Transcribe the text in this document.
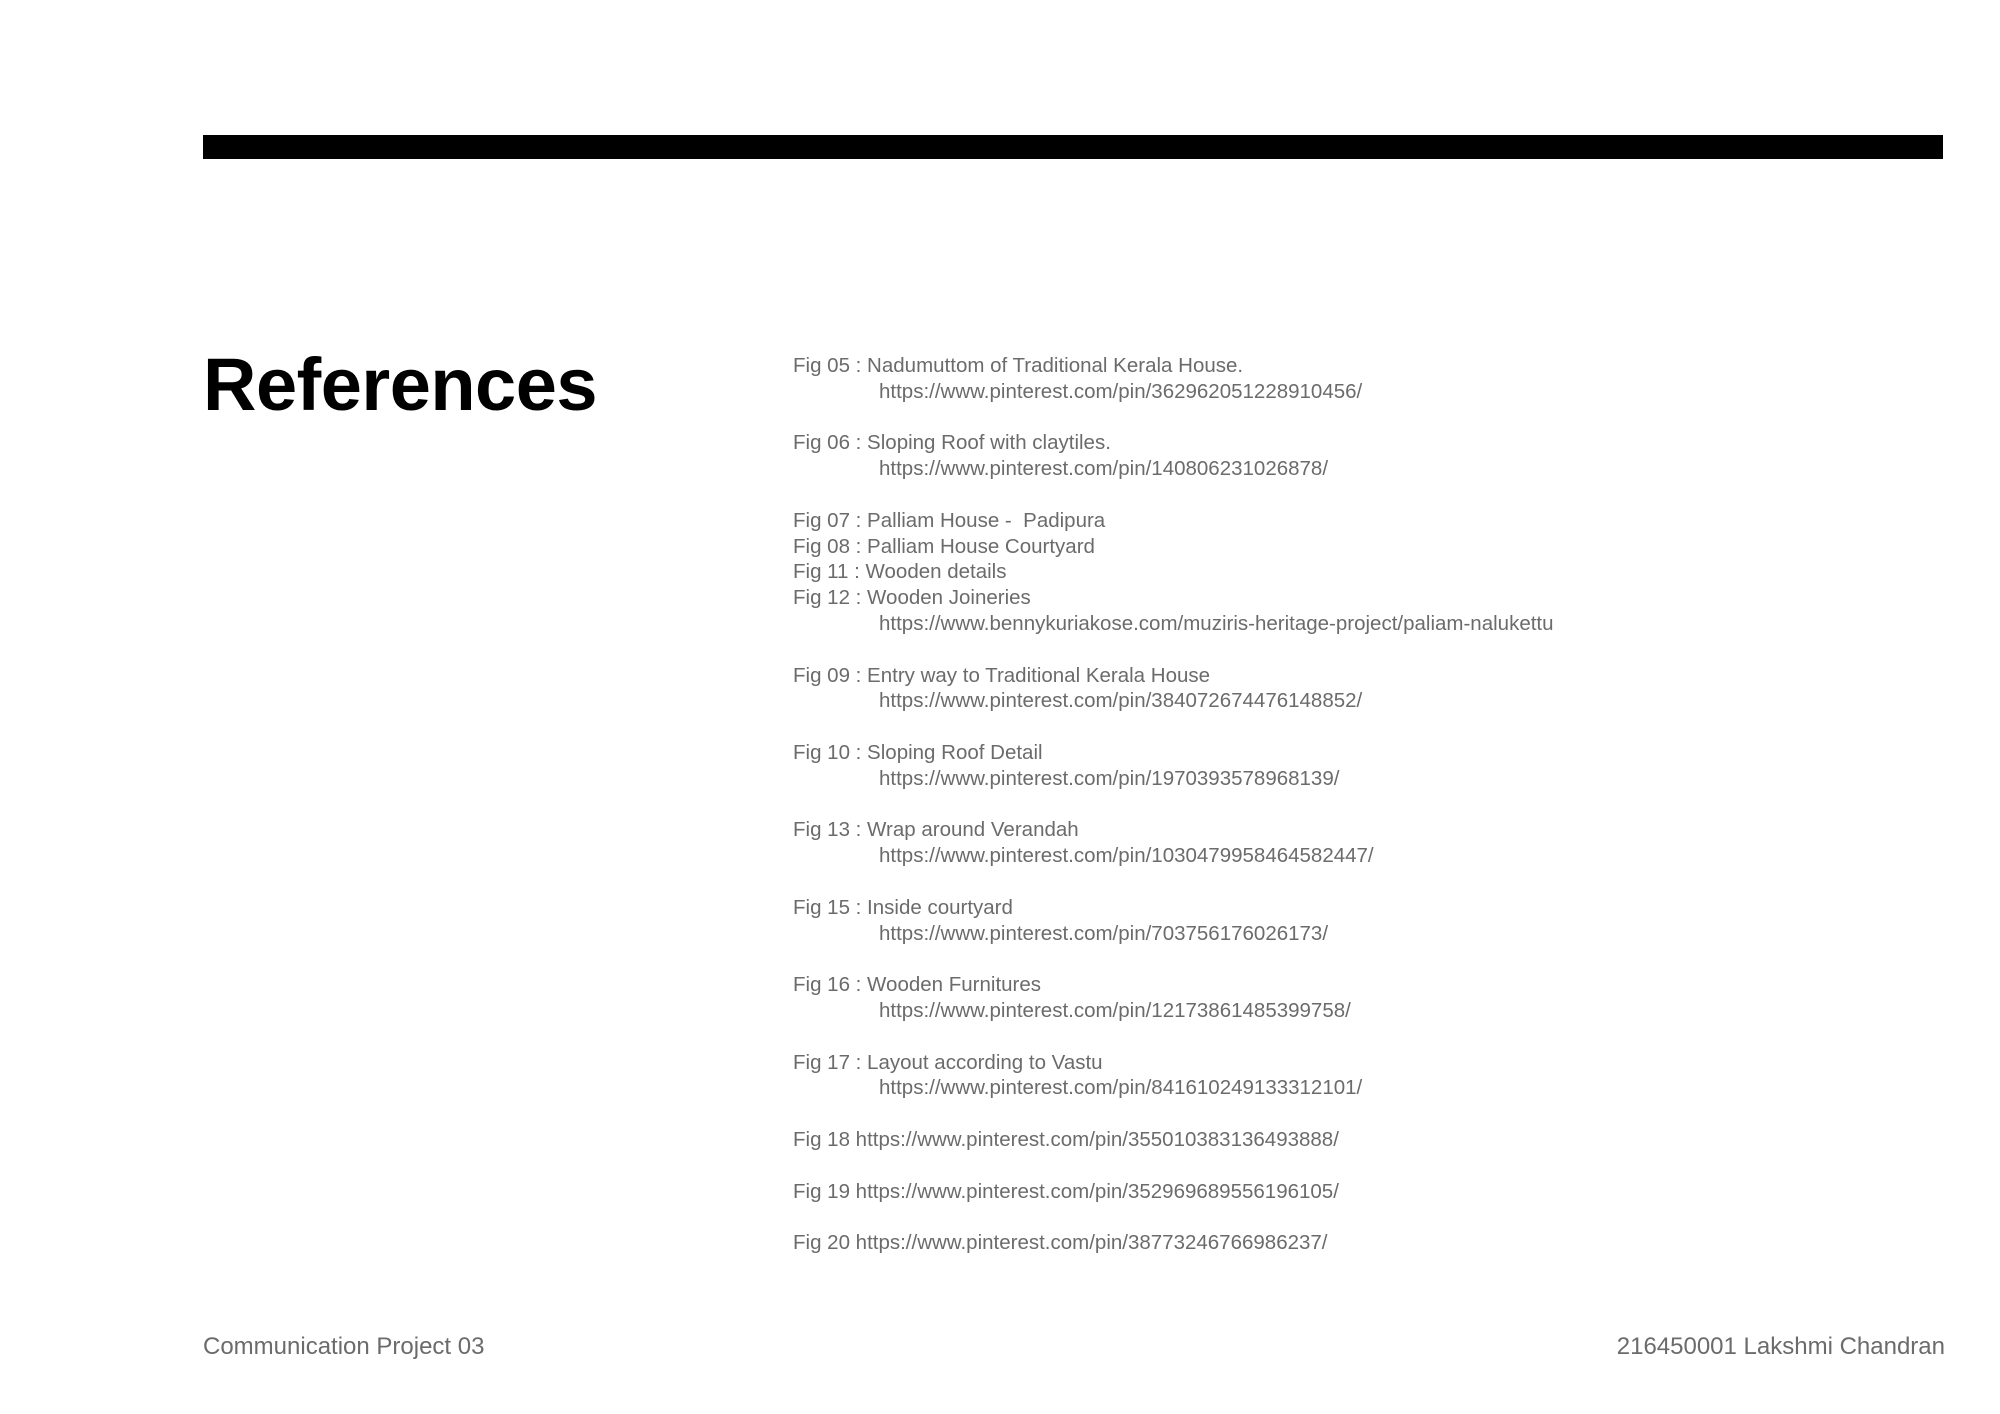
References	Fig 05 : Nadumuttom of Traditional Kerala House.
https://www.pinterest.com/pin/362962051228910456/
Fig 06 : Sloping Roof with claytiles.
https://www.pinterest.com/pin/140806231026878/
Fig 07 : Palliam House -  Padipura
Fig 08 : Palliam House Courtyard
Fig 11 : Wooden details
Fig 12 : Wooden Joineries
https://www.bennykuriakose.com/muziris-heritage-project/paliam-nalukettu
Fig 09 : Entry way to Traditional Kerala House
https://www.pinterest.com/pin/384072674476148852/
Fig 10 : Sloping Roof Detail
https://www.pinterest.com/pin/1970393578968139/
Fig 13 : Wrap around Verandah
https://www.pinterest.com/pin/1030479958464582447/
Fig 15 : Inside courtyard
https://www.pinterest.com/pin/703756176026173/
Fig 16 : Wooden Furnitures
https://www.pinterest.com/pin/12173861485399758/
Fig 17 : Layout according to Vastu
https://www.pinterest.com/pin/841610249133312101/
Fig 18 https://www.pinterest.com/pin/355010383136493888/
Fig 19 https://www.pinterest.com/pin/352969689556196105/
Fig 20 https://www.pinterest.com/pin/38773246766986237/
Communication Project 03	216450001 Lakshmi Chandran
